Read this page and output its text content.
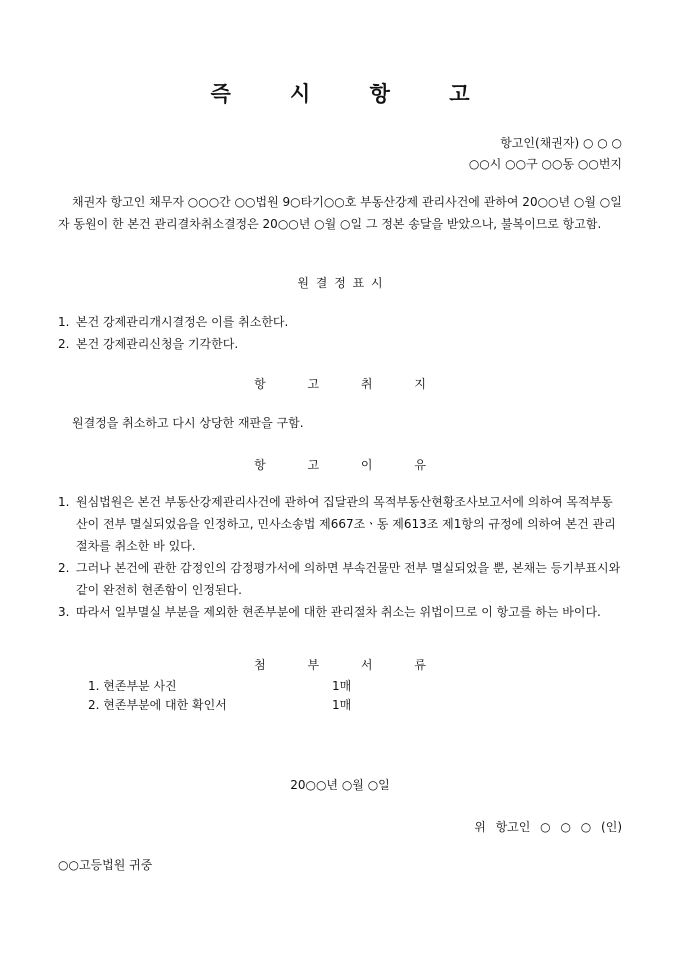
즉 시 항 고
항고인(채권자) ○ ○ ○
○○시 ○○구 ○○동 ○○번지
채권자 항고인 채무자 ○○○간 ○○법원 9○타기○○호 부동산강제 관리사건에 관하여 20○○년 ○월 ○일자 동원이 한 본건 관리결차취소결정은 20○○년 ○월 ○일 그 정본 송달을 받았으나, 불복이므로 항고함.
원 결 정 표 시
1. 본건 강제관리개시결정은 이를 취소한다.
2. 본건 강제관리신청을 기각한다.
항 고 취 지
원결정을 취소하고 다시 상당한 재판을 구함.
항 고 이 유
1. 원심법원은 본건 부동산강제관리사건에 관하여 집달관의 목적부동산현황조사보고서에 의하여 목적부동산이 전부 멸실되었음을 인정하고, 민사소송법 제667조ㆍ동 제613조 제1항의 규정에 의하여 본건 관리절차를 취소한 바 있다.
2. 그러나 본건에 관한 감정인의 감정평가서에 의하면 부속건물만 전부 멸실되었을 뿐, 본채는 등기부표시와 같이 완전히 현존함이 인정된다.
3. 따라서 일부멸실 부분을 제외한 현존부분에 대한 관리절차 취소는 위법이므로 이 항고를 하는 바이다.
첨 부 서 류
1. 현존부분 사진	1매
2. 현존부분에 대한 확인서	1매
20○○년 ○월 ○일
위 항고인 ○ ○ ○ (인)
○○고등법원 귀중
